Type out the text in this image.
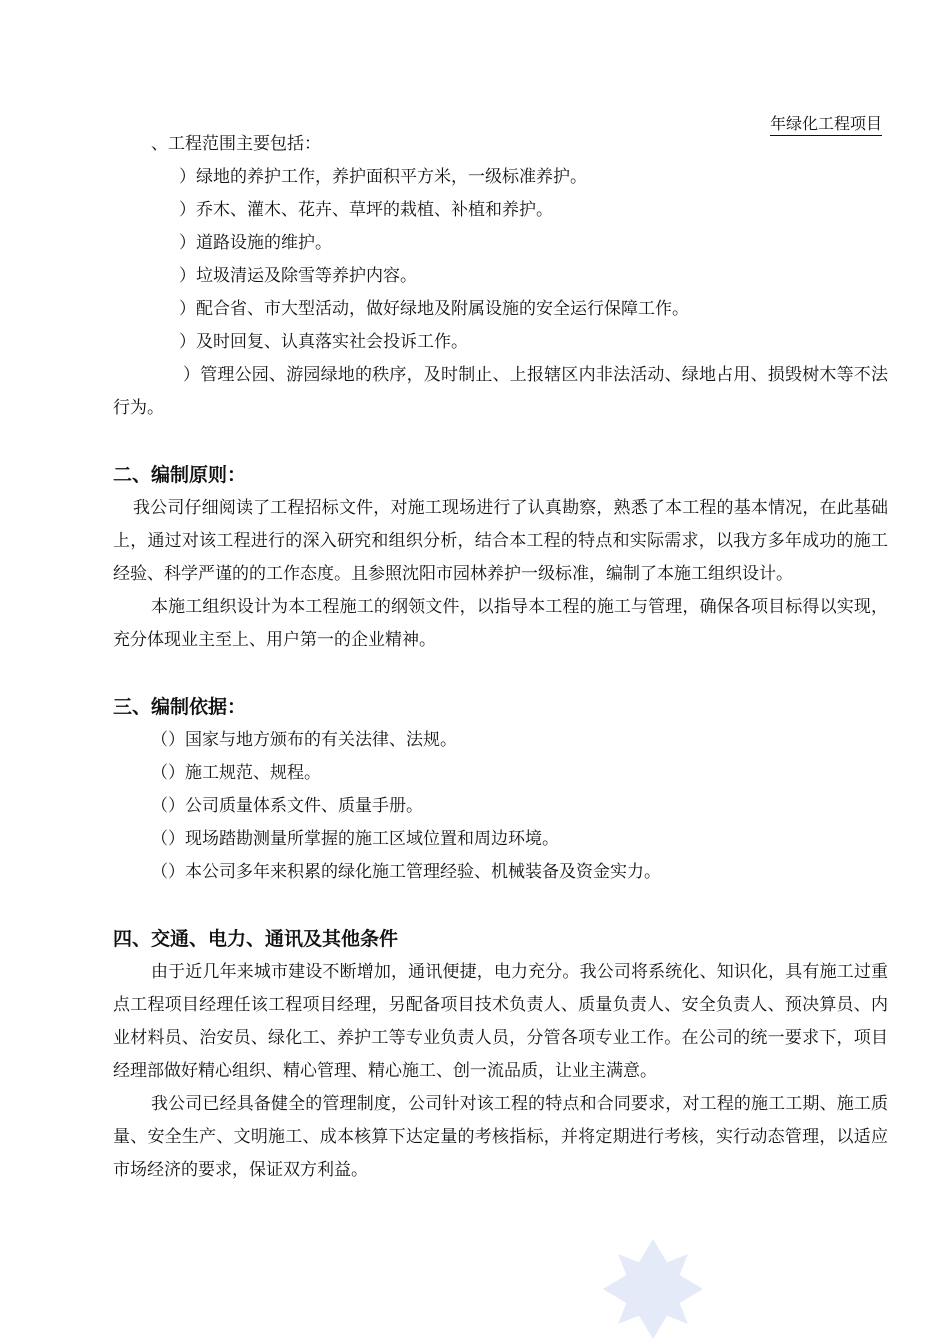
年绿化工程项目

、工程范围主要包括：

）绿地的养护工作，养护面积平方米，一级标准养护。

）乔木、灌木、花卉、草坪的栽植、补植和养护。

）道路设施的维护。

）垃圾清运及除雪等养护内容。

）配合省、市大型活动，做好绿地及附属设施的安全运行保障工作。

）及时回复、认真落实社会投诉工作。

）管理公园、游园绿地的秩序，及时制止、上报辖区内非法活动、绿地占用、损毁树木等不法行为。

二、编制原则：

我公司仔细阅读了工程招标文件，对施工现场进行了认真勘察，熟悉了本工程的基本情况，在此基础上，通过对该工程进行的深入研究和组织分析，结合本工程的特点和实际需求，以我方多年成功的施工经验、科学严谨的的工作态度。且参照沈阳市园林养护一级标准，编制了本施工组织设计。

本施工组织设计为本工程施工的纲领文件，以指导本工程的施工与管理，确保各项目标得以实现，充分体现业主至上、用户第一的企业精神。

三、编制依据：

（）国家与地方颁布的有关法律、法规。

（）施工规范、规程。

（）公司质量体系文件、质量手册。

（）现场踏勘测量所掌握的施工区域位置和周边环境。

（）本公司多年来积累的绿化施工管理经验、机械装备及资金实力。

四、交通、电力、通讯及其他条件

由于近几年来城市建设不断增加，通讯便捷，电力充分。我公司将系统化、知识化，具有施工过重点工程项目经理任该工程项目经理，另配备项目技术负责人、质量负责人、安全负责人、预决算员、内业材料员、治安员、绿化工、养护工等专业负责人员，分管各项专业工作。在公司的统一要求下，项目经理部做好精心组织、精心管理、精心施工、创一流品质，让业主满意。

我公司已经具备健全的管理制度，公司针对该工程的特点和合同要求，对工程的施工工期、施工质量、安全生产、文明施工、成本核算下达定量的考核指标，并将定期进行考核，实行动态管理，以适应市场经济的要求，保证双方利益。
